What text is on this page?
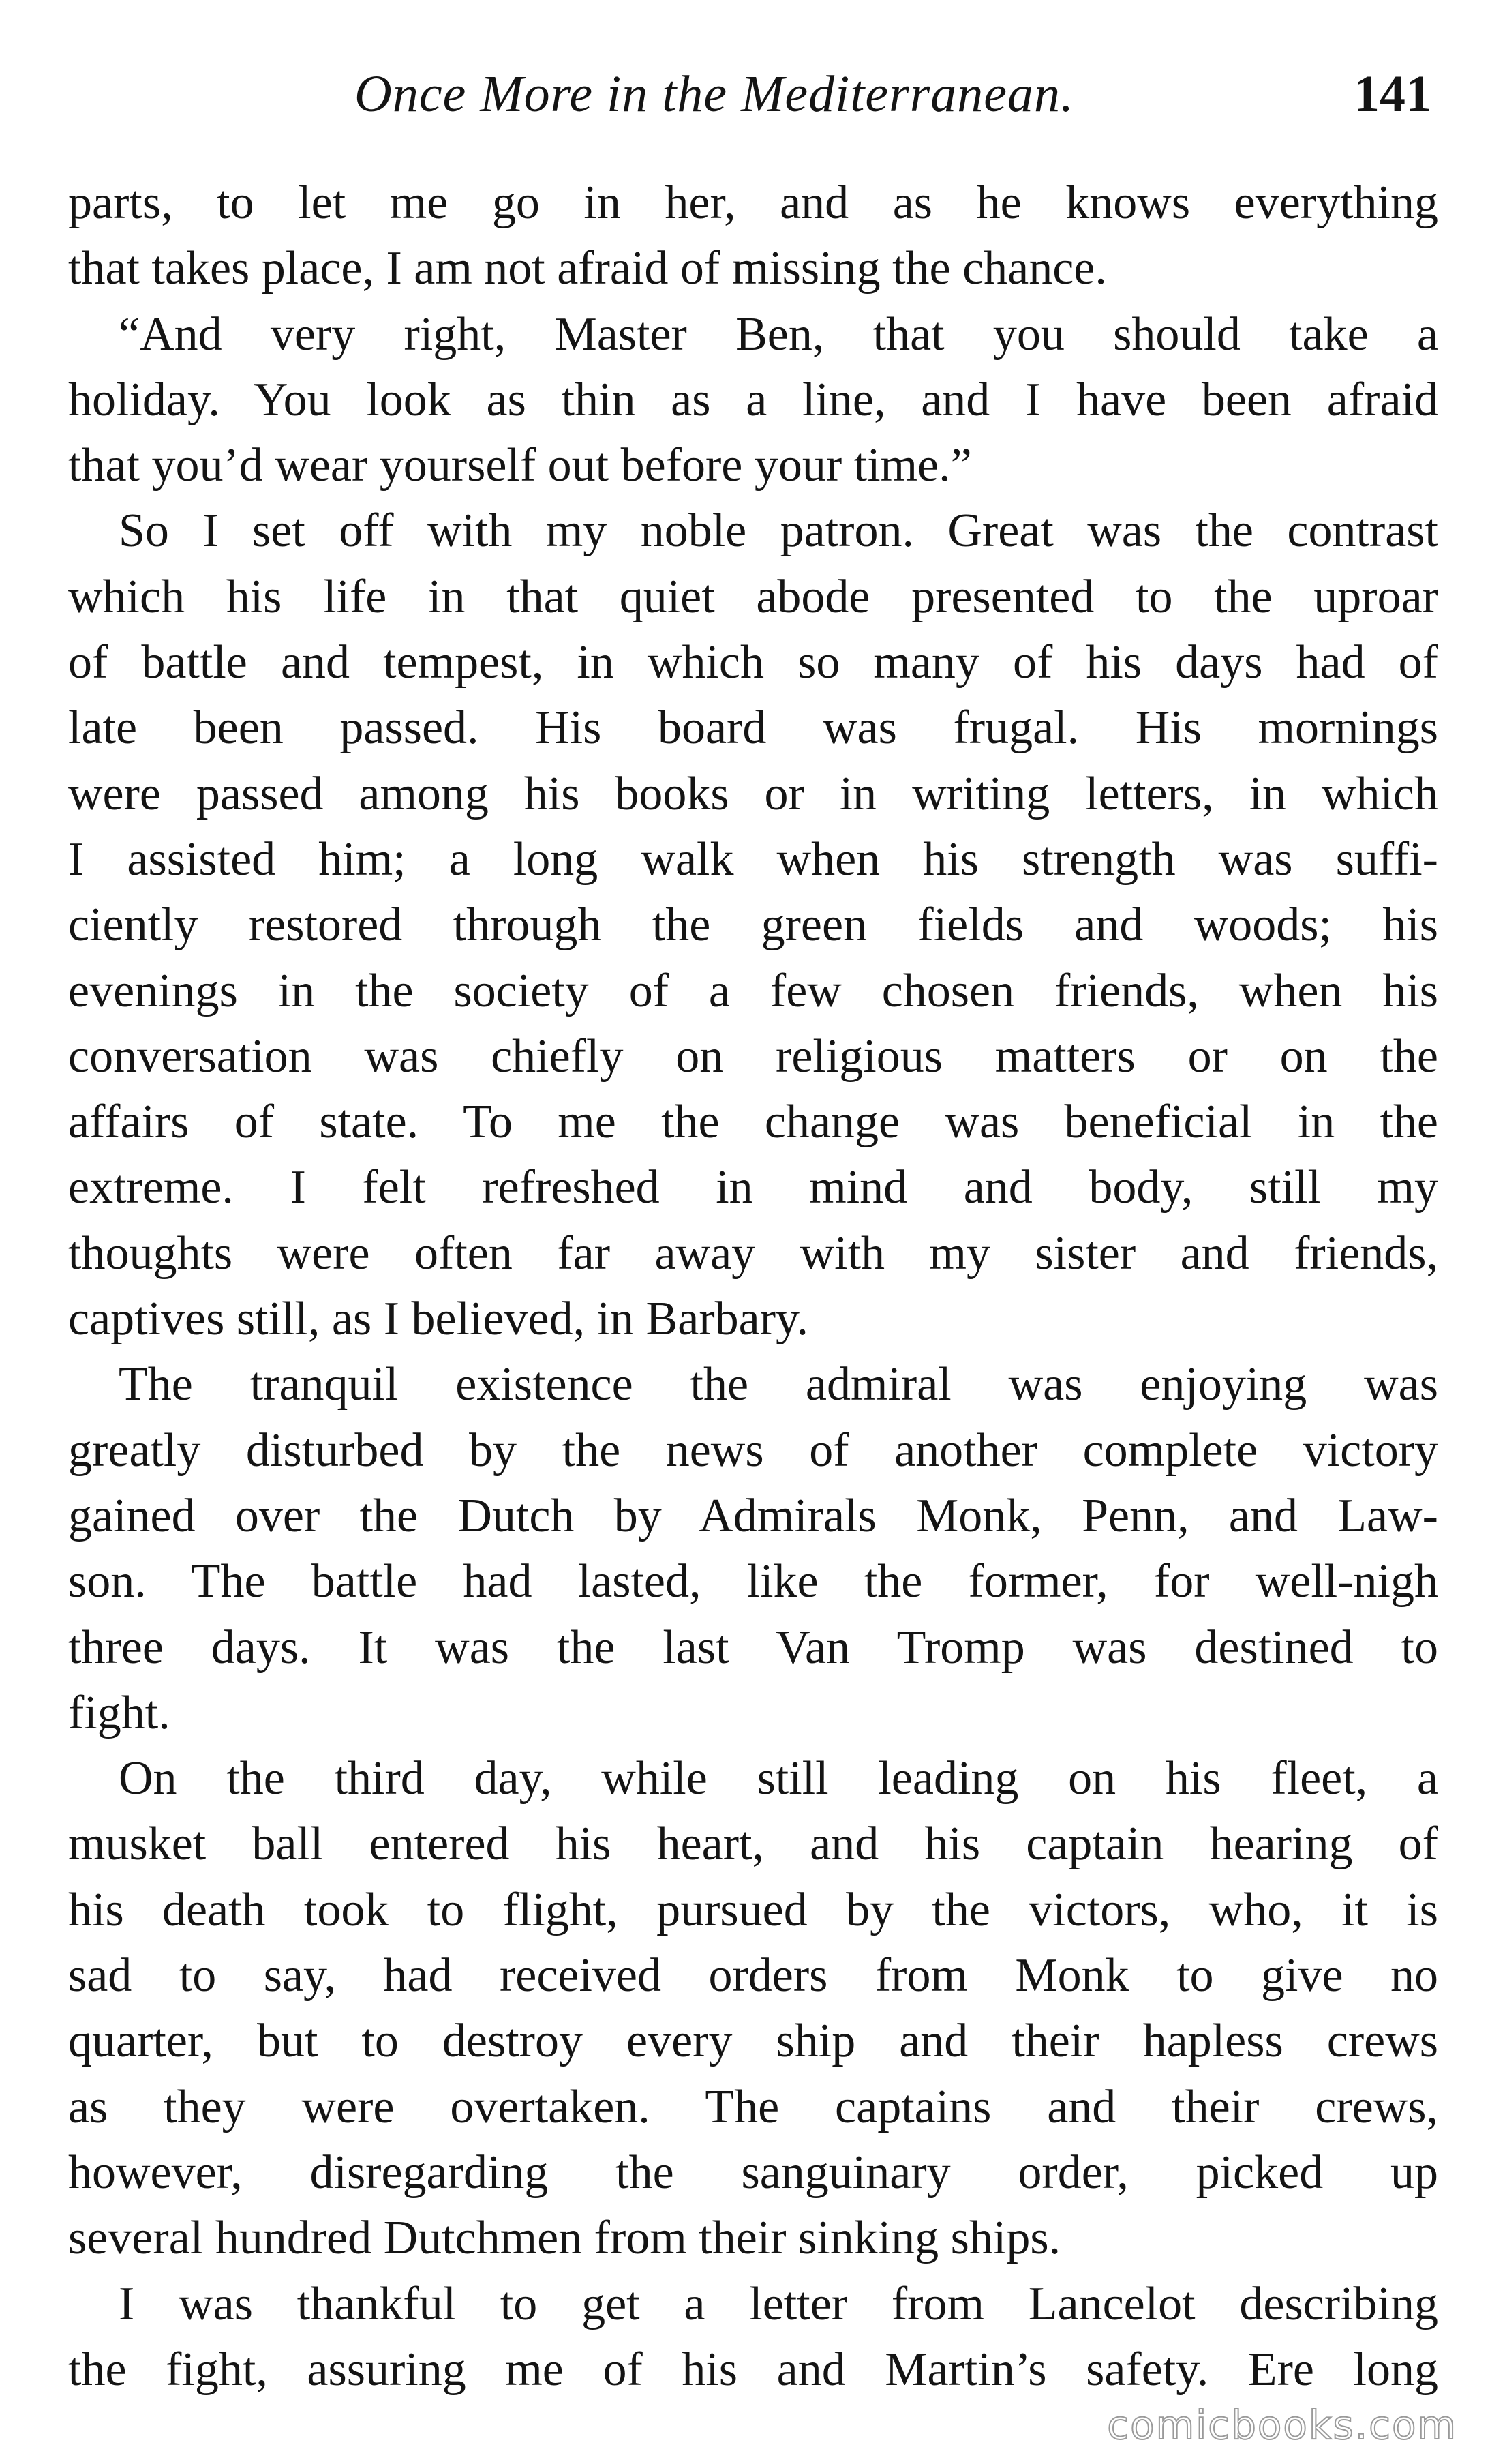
Once More in the Mediterranean.	141

parts, to let me go in her, and as he knows everything

that takes place, I am not afraid of missing the chance.

“And very right, Master Ben, that you should take a

holiday. You look as thin as a line, and I have been afraid

that you’d wear yourself out before your time.”

So I set off with my noble patron. Great was the contrast

which his life in that quiet abode presented to the uproar

of battle and tempest, in which so many of his days had of

late been passed. His board was frugal. His mornings

were passed among his books or in writing letters, in which

I assisted him; a long walk when his strength was suffi-

ciently restored through the green fields and woods; his

evenings in the society of a few chosen friends, when his

conversation was chiefly on religious matters or on the

affairs of state. To me the change was beneficial in the

extreme. I felt refreshed in mind and body, still my

thoughts were often far away with my sister and friends,

captives still, as I believed, in Barbary.

The tranquil existence the admiral was enjoying was

greatly disturbed by the news of another complete victory

gained over the Dutch by Admirals Monk, Penn, and Law-

son. The battle had lasted, like the former, for well-nigh

three days. It was the last Van Tromp was destined to

fight.

On the third day, while still leading on his fleet, a

musket ball entered his heart, and his captain hearing of

his death took to flight, pursued by the victors, who, it is

sad to say, had received orders from Monk to give no

quarter, but to destroy every ship and their hapless crews

as they were overtaken. The captains and their crews,

however, disregarding the sanguinary order, picked up

several hundred Dutchmen from their sinking ships.

I was thankful to get a letter from Lancelot describing

the fight, assuring me of his and Martin’s safety. Ere long

comicbooks.com
